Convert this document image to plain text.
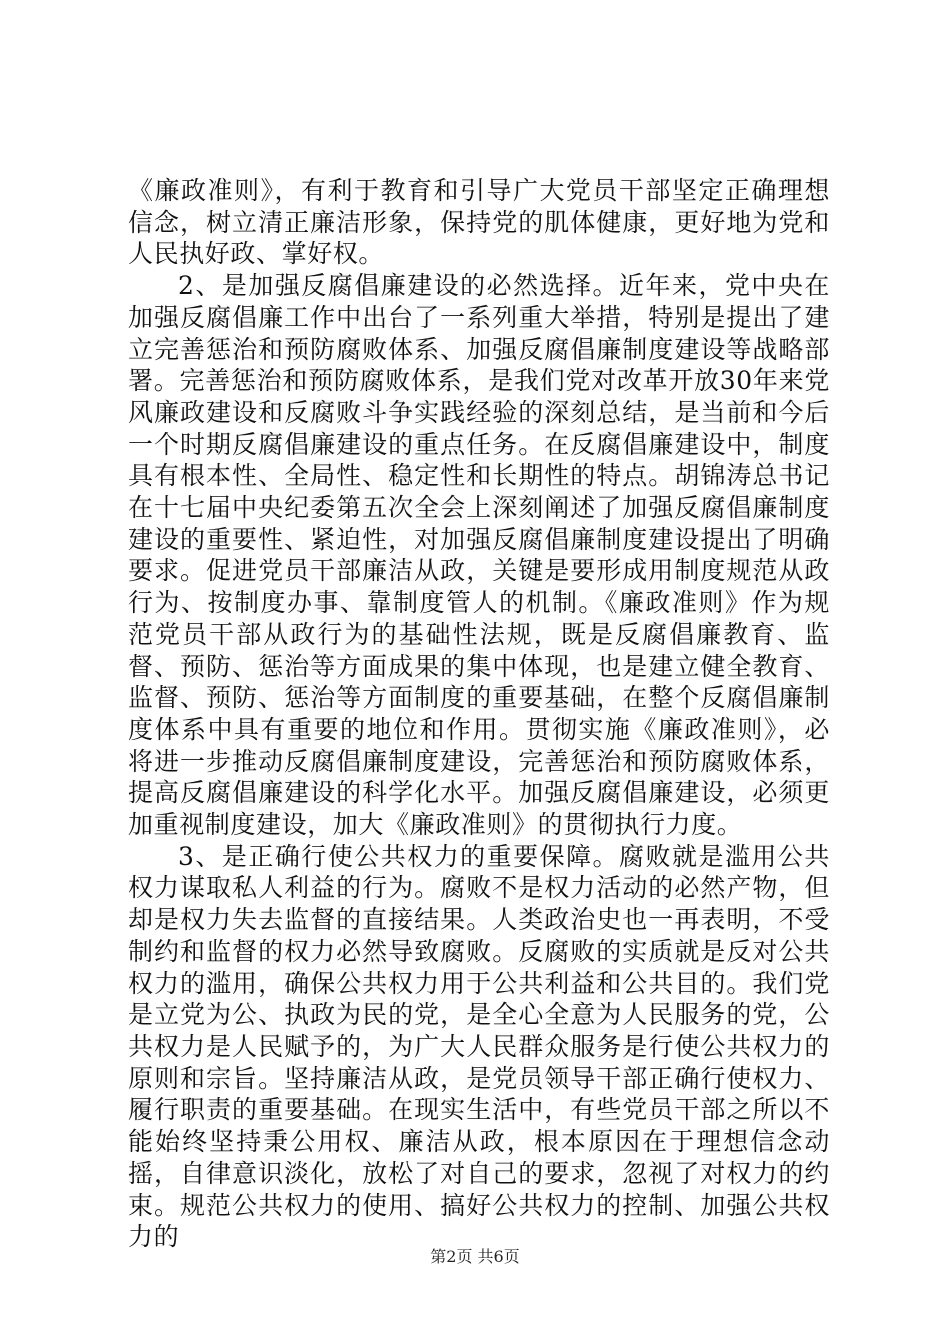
《廉政准则》，有利于教育和引导广大党员干部坚定正确理想信念，树立清正廉洁形象，保持党的肌体健康，更好地为党和人民执好政、掌好权。

2、是加强反腐倡廉建设的必然选择。近年来，党中央在加强反腐倡廉工作中出台了一系列重大举措，特别是提出了建立完善惩治和预防腐败体系、加强反腐倡廉制度建设等战略部署。完善惩治和预防腐败体系，是我们党对改革开放30年来党风廉政建设和反腐败斗争实践经验的深刻总结，是当前和今后一个时期反腐倡廉建设的重点任务。在反腐倡廉建设中，制度具有根本性、全局性、稳定性和长期性的特点。胡锦涛总书记在十七届中央纪委第五次全会上深刻阐述了加强反腐倡廉制度建设的重要性、紧迫性，对加强反腐倡廉制度建设提出了明确要求。促进党员干部廉洁从政，关键是要形成用制度规范从政行为、按制度办事、靠制度管人的机制。《廉政准则》作为规范党员干部从政行为的基础性法规，既是反腐倡廉教育、监督、预防、惩治等方面成果的集中体现，也是建立健全教育、监督、预防、惩治等方面制度的重要基础，在整个反腐倡廉制度体系中具有重要的地位和作用。贯彻实施《廉政准则》，必将进一步推动反腐倡廉制度建设，完善惩治和预防腐败体系，提高反腐倡廉建设的科学化水平。加强反腐倡廉建设，必须更加重视制度建设，加大《廉政准则》的贯彻执行力度。

3、是正确行使公共权力的重要保障。腐败就是滥用公共权力谋取私人利益的行为。腐败不是权力活动的必然产物，但却是权力失去监督的直接结果。人类政治史也一再表明，不受制约和监督的权力必然导致腐败。反腐败的实质就是反对公共权力的滥用，确保公共权力用于公共利益和公共目的。我们党是立党为公、执政为民的党，是全心全意为人民服务的党，公共权力是人民赋予的，为广大人民群众服务是行使公共权力的原则和宗旨。坚持廉洁从政，是党员领导干部正确行使权力、履行职责的重要基础。在现实生活中，有些党员干部之所以不能始终坚持秉公用权、廉洁从政，根本原因在于理想信念动摇，自律意识淡化，放松了对自己的要求，忽视了对权力的约束。规范公共权力的使用、搞好公共权力的控制、加强公共权力的

第2页 共6页
